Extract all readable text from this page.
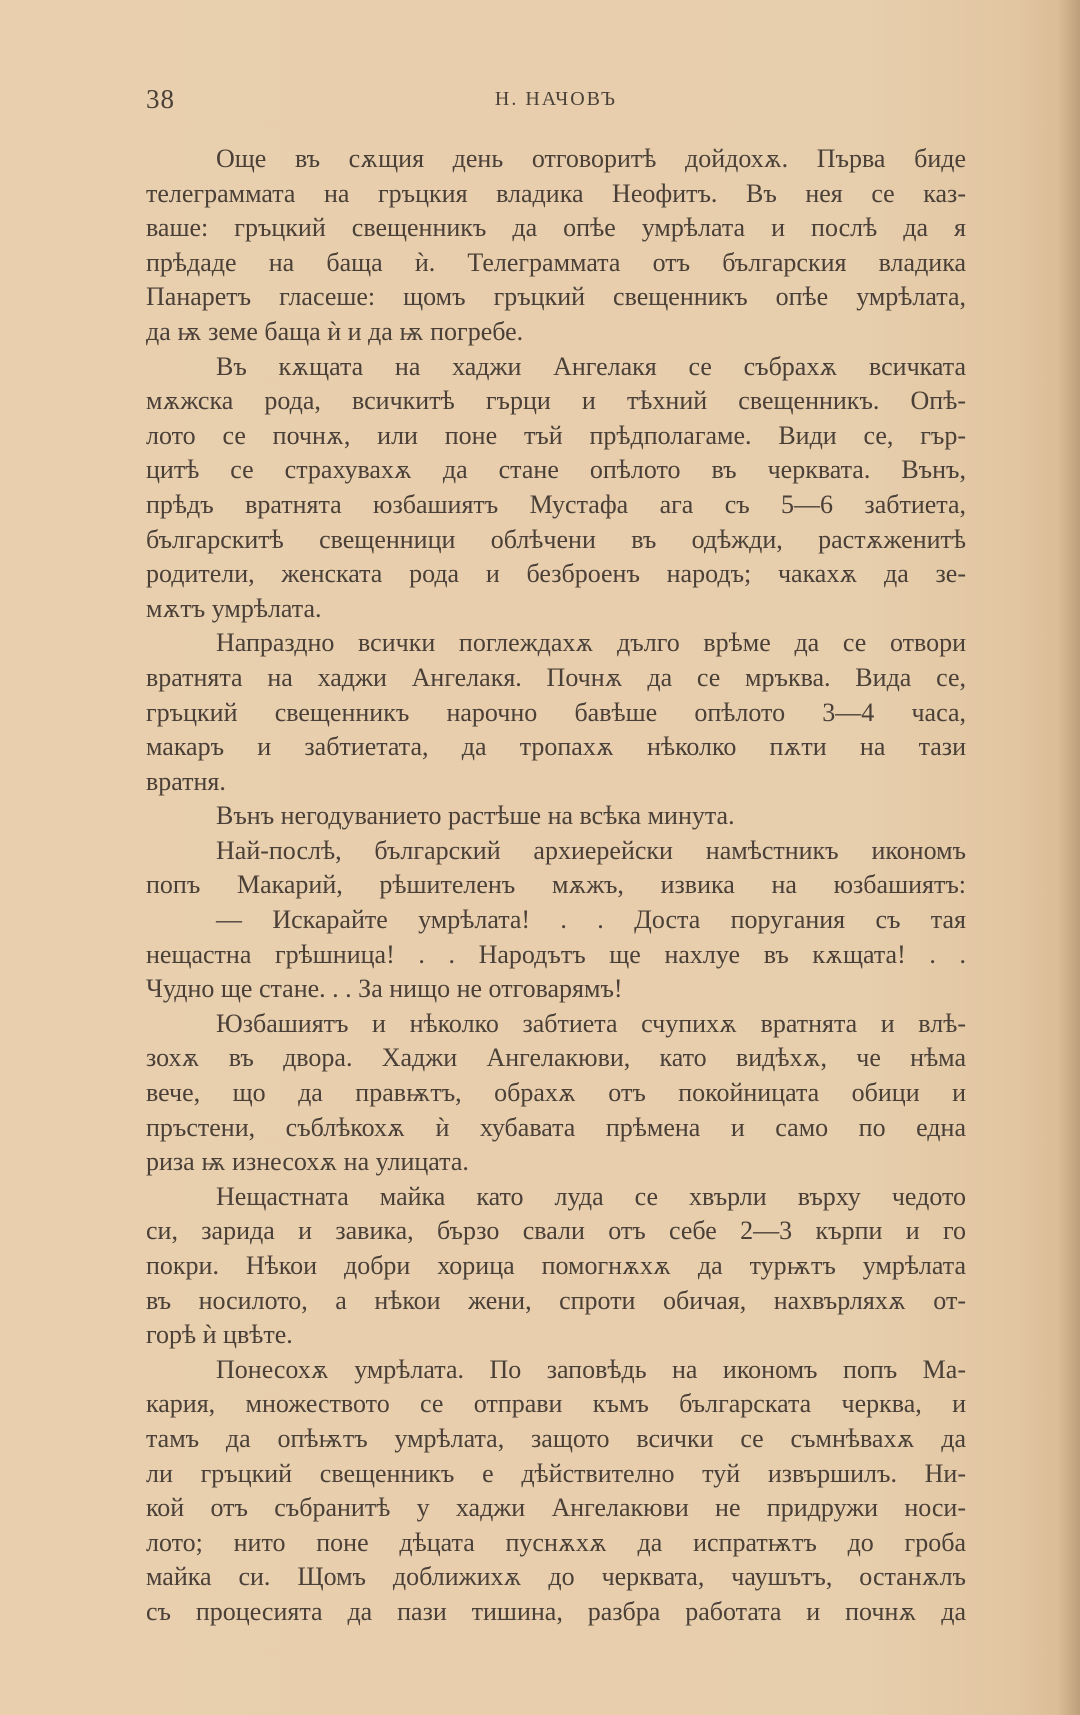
Н. НАЧОВЪ
38
Още въ сѫщия день отговоритѣ дойдохѫ. Първа биде
телеграммата на гръцкия владика Неофитъ. Въ нея се каз-
ваше: гръцкий свещенникъ да опѣе умрѣлата и послѣ да я
прѣдаде на баща ѝ. Телеграммата отъ българския владика
Панаретъ гласеше: щомъ гръцкий свещенникъ опѣе умрѣлата,
да ѭ земе баща ѝ и да ѭ погребе.
Въ кѫщата на хаджи Ангелакя се събрахѫ всичката
мѫжска рода, всичкитѣ гърци и тѣхний свещенникъ. Опѣ-
лото се почнѫ, или поне тъй прѣдполагаме. Види се, гър-
цитѣ се страхувахѫ да стане опѣлото въ черквата. Вънъ,
прѣдъ вратнята юзбашиятъ Мустафа ага съ 5—6 забтиета,
българскитѣ свещенници облѣчени въ одѣжди, растѫженитѣ
родители, женската рода и безброенъ народъ; чакахѫ да зе-
мѫтъ умрѣлата.
Напраздно всички поглеждахѫ дълго врѣме да се отвори
вратнята на хаджи Ангелакя. Почнѫ да се мръква. Вида се,
гръцкий свещенникъ нарочно бавѣше опѣлото 3—4 часа,
макаръ и забтиетата, да тропахѫ нѣколко пѫти на тази
вратня.
Вънъ негодуванието растѣше на всѣка минута.
Най-послѣ, българский архиерейски намѣстникъ икономъ
попъ Макарий, рѣшителенъ мѫжъ, извика на юзбашиятъ:
— Искарайте умрѣлата! . . Доста поругания съ тая
нещастна грѣшница! . . Народътъ ще нахлуе въ кѫщата! . .
Чудно ще стане. . . За нищо не отговарямъ!
Юзбашиятъ и нѣколко забтиета счупихѫ вратнята и влѣ-
зохѫ въ двора. Хаджи Ангелакюви, като видѣхѫ, че нѣма
вече, що да правѭтъ, обрахѫ отъ покойницата обици и
пръстени, съблѣкохѫ ѝ хубавата прѣмена и само по една
риза ѭ изнесохѫ на улицата.
Нещастната майка като луда се хвърли върху чедото
си, зарида и завика, бързо свали отъ себе 2—3 кърпи и го
покри. Нѣкои добри хорица помогнѫхѫ да турѭтъ умрѣлата
въ носилото, а нѣкои жени, спроти обичая, нахвърляхѫ от-
горѣ ѝ цвѣте.
Понесохѫ умрѣлата. По заповѣдь на икономъ попъ Ма-
кария, множеството се отправи къмъ българската черква, и
тамъ да опѣѭтъ умрѣлата, защото всички се съмнѣвахѫ да
ли гръцкий свещенникъ е дѣйствително туй извършилъ. Ни-
кой отъ събранитѣ у хаджи Ангелакюви не придружи носи-
лото; нито поне дѣцата пуснѫхѫ да испратѭтъ до гроба
майка си. Щомъ доближихѫ до черквата, чаушътъ, останѫлъ
съ процесията да пази тишина, разбра работата и почнѫ да
